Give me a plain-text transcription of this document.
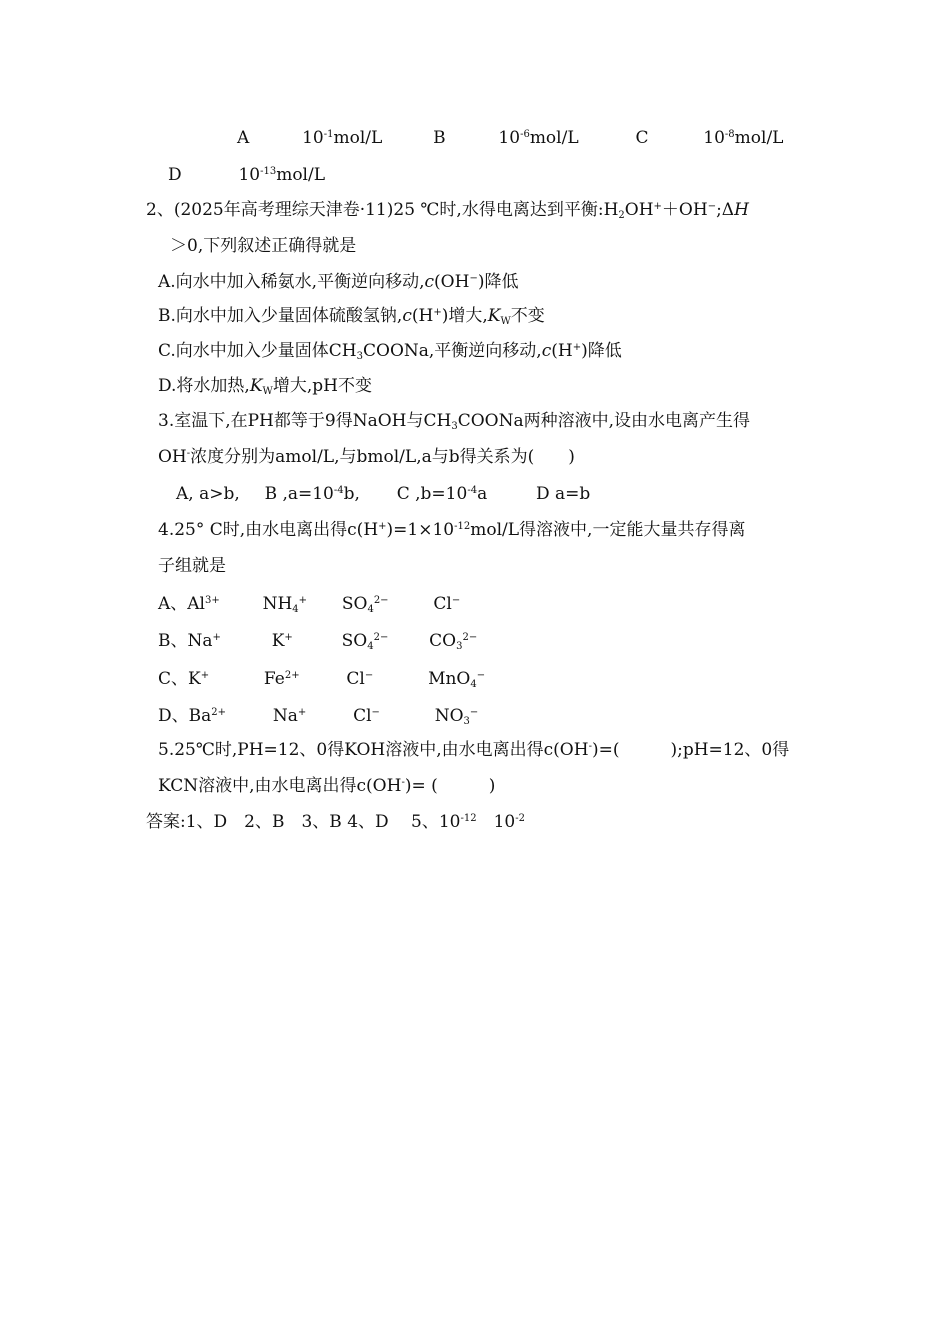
A	$10^{-1}mol/L$	B	$10^{-6}mol/L$	C	$10^{-8}mol/L$
D	$10^{-13}mol/L$
2、(2025年高考理综天津卷·11)25 ℃时,水得电离达到平衡$:H_2OH^++OH^-;\Delta H$
＞0,下列叙述正确得就是
A.向水中加入稀氨水,平衡逆向移动,c(OH−)降低
B.向水中加入少量固体硫酸氢钠,c(H+)增大$,K_W$不变
C.向水中加入少量固体$CH_3COONa$,平衡逆向移动,c(H+)降低
D.将水加热$,K_W$增大,pH不变
3.室温下,在PH都等于9得NaOH与$CH_3COONa$两种溶液中,设由水电离产生得
OH-浓度分别为amol/L,与bmol/L,a与b得关系为(　　)
A, a>b, B $,a=10^{-4}b$, C $,b=10^{-4}a$	D a=b
4.25° C时,由水电离出得$c(H^+)=1\times 10^{-12}mol/L$得溶液中,一定能大量共存得离
子组就是
A、$Al^{3+}$	$NH_4^+$ $SO_4^{2-}$	Cl−
B、Na+	K+	$SO_4^{2-}$ $CO_3^{2-}$
C、K+	$Fe^{2+}$	Cl−	MnO$_4$−
D、$Ba^{2+}$	Na+	Cl−	$NO_3^-$
5.25℃时,PH=12、0得KOH溶液中,由水电离出得c(OH-)=(　　　);pH=12、0得
KCN溶液中,由水电离出得c(OH-)= (　　　)
答案:1、D　2、B　3、B 4、D　 5、$10^{-12}$　$10^{-2}$
